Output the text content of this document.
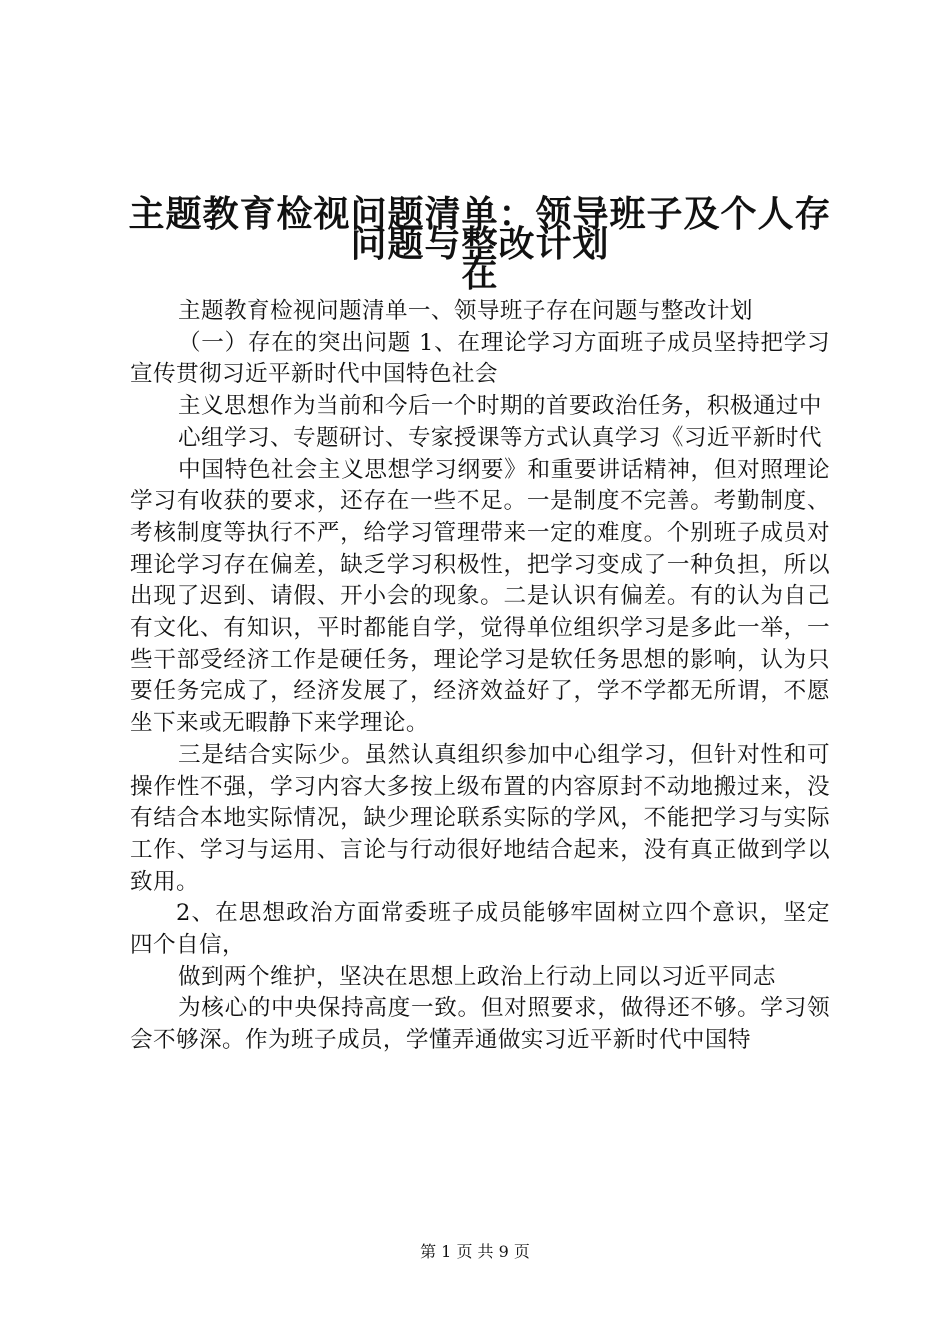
主题教育检视问题清单：领导班子及个人存在
问题与整改计划

主题教育检视问题清单一、领导班子存在问题与整改计划

（一）存在的突出问题 1、在理论学习方面班子成员坚持把学习宣传贯彻习近平新时代中国特色社会

主义思想作为当前和今后一个时期的首要政治任务，积极通过中

心组学习、专题研讨、专家授课等方式认真学习《习近平新时代

中国特色社会主义思想学习纲要》和重要讲话精神，但对照理论学习有收获的要求，还存在一些不足。一是制度不完善。考勤制度、考核制度等执行不严，给学习管理带来一定的难度。个别班子成员对理论学习存在偏差，缺乏学习积极性，把学习变成了一种负担，所以出现了迟到、请假、开小会的现象。二是认识有偏差。有的认为自己有文化、有知识，平时都能自学，觉得单位组织学习是多此一举，一些干部受经济工作是硬任务，理论学习是软任务思想的影响，认为只要任务完成了，经济发展了，经济效益好了，学不学都无所谓，不愿坐下来或无暇静下来学理论。

三是结合实际少。虽然认真组织参加中心组学习，但针对性和可操作性不强，学习内容大多按上级布置的内容原封不动地搬过来，没有结合本地实际情况，缺少理论联系实际的学风，不能把学习与实际工作、学习与运用、言论与行动很好地结合起来，没有真正做到学以致用。

2、在思想政治方面常委班子成员能够牢固树立四个意识，坚定四个自信，

做到两个维护，坚决在思想上政治上行动上同以习近平同志

为核心的中央保持高度一致。但对照要求，做得还不够。学习领会不够深。作为班子成员，学懂弄通做实习近平新时代中国特

第 1 页 共 9 页
